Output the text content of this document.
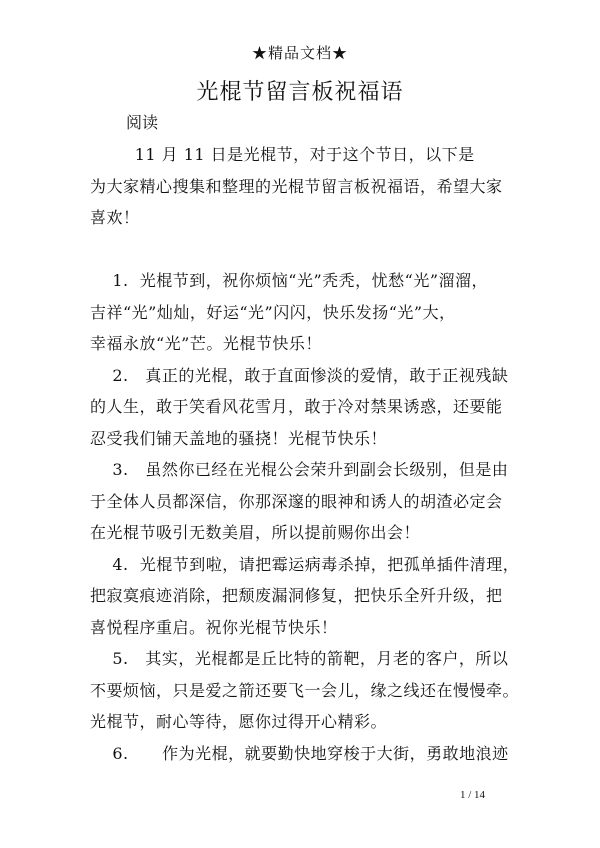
★精品文档★
光棍节留言板祝福语
阅读

11 月 11 日是光棍节，对于这个节日，以下是
为大家精心搜集和整理的光棍节留言板祝福语，希望大家
喜欢！

1.  光棍节到，祝你烦恼“光”秃秃，忧愁“光”溜溜，
吉祥“光”灿灿，好运“光”闪闪，快乐发扬“光”大，
幸福永放“光”芒。光棍节快乐！

2.   真正的光棍，敢于直面惨淡的爱情，敢于正视残缺
的人生，敢于笑看风花雪月，敢于冷对禁果诱惑，还要能
忍受我们铺天盖地的骚挠！光棍节快乐！

3.   虽然你已经在光棍公会荣升到副会长级别，但是由
于全体人员都深信，你那深邃的眼神和诱人的胡渣必定会
在光棍节吸引无数美眉，所以提前赐你出会！

4.  光棍节到啦，请把霉运病毒杀掉，把孤单插件清理，
把寂寞痕迹消除，把颓废漏洞修复，把快乐全歼升级，把
喜悦程序重启。祝你光棍节快乐！

5.   其实，光棍都是丘比特的箭靶，月老的客户，所以
不要烦恼，只是爱之箭还要飞一会儿，缘之线还在慢慢牵。
光棍节，耐心等待，愿你过得开心精彩。

6.      作为光棍，就要勤快地穿梭于大街，勇敢地浪迹

1 / 14
